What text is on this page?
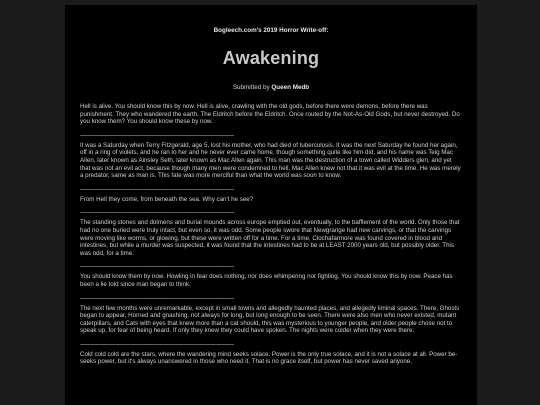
Bogleech.com's 2019 Horror Write-off:
Awakening
Submitted by Queen Medb

Hell is alive. You should know this by now. Hell is alive, crawling with the old gods, before there were demons, before there was punishment. They who wandered the earth. The Eldritch before the Eldritch. Once routed by the Not-As-Old Gods, but never destroyed. Do you know them? You should know these by now.

--------------------------------------------------------------------------------------------------------------

It was a Saturday when Terry Fitzgerald, age 5, lost his mother, who had died of tuberculosis. It was the next Saturday he found her again, off in a ring of violets, and he ran to her and he never ever came home, though something quite like him did, and his name was Teig Mac Allen, later known as Ainsley Seth, later known as Mac Allen again. This man was the destruction of a town called Widders glen, and yet that was not an evil act, because though many men were condemned to hell, Mac Allen knew not that it was evil at the time. He was merely a predator, same as man is. This fate was more merciful than what the world was soon to know.

--------------------------------------------------------------------------------------------------------------

From Hell they come, from beneath the sea. Why can't he see?

--------------------------------------------------------------------------------------------------------------

The standing stones and dolmens and burial mounds across europe emptied out, eventually, to the bafflement of the world. Only those that had no one buried were truly intact, but even so, it was odd. Some people swore that Newgrange had new carvings, or that the carvings were moving like worms, or glowing, but these were written off for a time. For a time, Clochafarmore was found covered in blood and intestines, but while a murder was suspected, it was found that the intestines had to be at LEAST 2000 years old, but possibly older. This was odd, for a time.

--------------------------------------------------------------------------------------------------------------

You should know them by now. Howling in fear does nothing, nor does whimpering nor fighting. You should know this by now. Peace has been a lie told since man began to think.

--------------------------------------------------------------------------------------------------------------

The next few months were unremarkable, except in small towns and allegedly haunted places, and allegedly liminal spaces. There, Ghosts began to appear, Horned and gnashing, not always for long, but long enough to be seen. There were also men who never existed, mutant caterpillars, and Cats with eyes that knew more than a cat should, this was mysterious to younger people, and older people chose not to speak up, for fear of being heard. If only they knew they could have spoken. The nights were colder when they were there.

--------------------------------------------------------------------------------------------------------------

Cold cold cold are the stars, where the wandering mind seeks solace. Power is the only true solace, and it is not a solace at all. Power be-seeks power, but it's always unanswered in those who need it. That is no grace itself, but power has never saved anyone.
